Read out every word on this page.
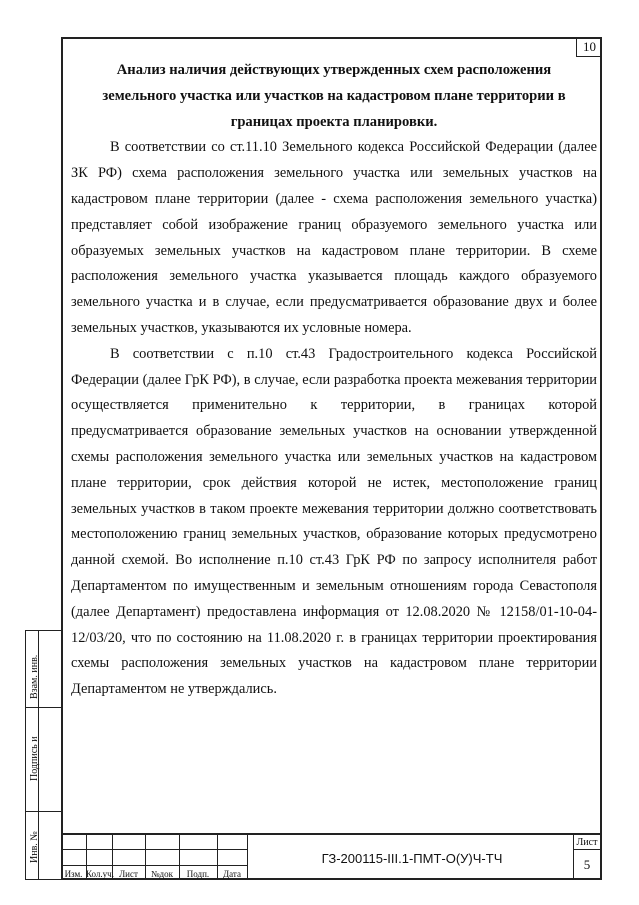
10
Анализ наличия действующих утвержденных схем расположения земельного участка или участков на кадастровом плане территории в границах проекта планировки.
В соответствии со ст.11.10 Земельного кодекса Российской Федерации (далее ЗК РФ) схема расположения земельного участка или земельных участков на кадастровом плане территории (далее - схема расположения земельного участка) представляет собой изображение границ образуемого земельного участка или образуемых земельных участков на кадастровом плане территории. В схеме расположения земельного участка указывается площадь каждого образуемого земельного участка и в случае, если предусматривается образование двух и более земельных участков, указываются их условные номера.
В соответствии с п.10 ст.43 Градостроительного кодекса Российской Федерации (далее ГрК РФ), в случае, если разработка проекта межевания территории осуществляется применительно к территории, в границах которой предусматривается образование земельных участков на основании утвержденной схемы расположения земельного участка или земельных участков на кадастровом плане территории, срок действия которой не истек, местоположение границ земельных участков в таком проекте межевания территории должно соответствовать местоположению границ земельных участков, образование которых предусмотрено данной схемой. Во исполнение п.10 ст.43 ГрК РФ по запросу исполнителя работ Департаментом по имущественным и земельным отношениям города Севастополя (далее Департамент) предоставлена информация от 12.08.2020 № 12158/01-10-04-12/03/20, что по состоянию на 11.08.2020 г. в границах территории проектирования схемы расположения земельных участков на кадастровом плане территории Департаментом не утверждались.
Взам. инв.
Подпись и
Инв. №
Изм. Кол.уч. Лист	№док	Подп.	Дата
ГЗ-200115-III.1-ПМТ-О(У)Ч-ТЧ
Лист
5
